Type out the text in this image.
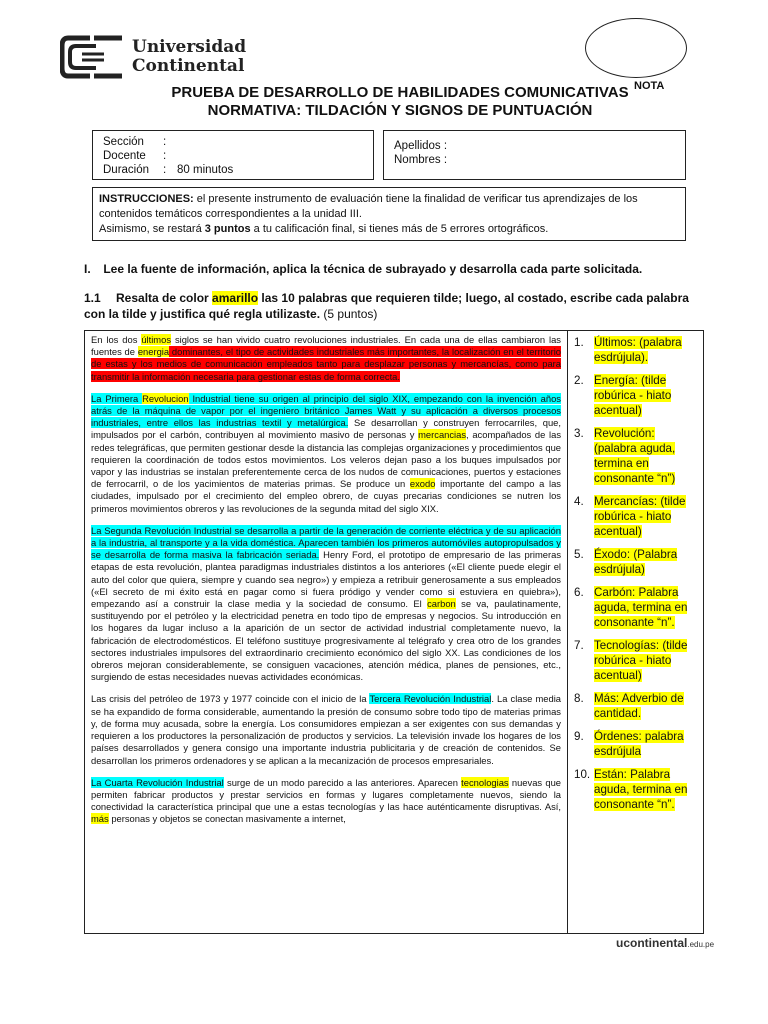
Universidad
Continental
NOTA
PRUEBA DE DESARROLLO DE HABILIDADES COMUNICATIVAS
NORMATIVA: TILDACIÓN Y SIGNOS DE PUNTUACIÓN
Sección	:
Docente	:
Duración	: 80 minutos
Apellidos :
Nombres :
INSTRUCCIONES: el presente instrumento de evaluación tiene la finalidad de verificar tus aprendizajes de los contenidos temáticos correspondientes a la unidad III.
Asimismo, se restará 3 puntos a tu calificación final, si tienes más de 5 errores ortográficos.
I. Lee la fuente de información, aplica la técnica de subrayado y desarrolla cada parte solicitada.
1.1 Resalta de color amarillo las 10 palabras que requieren tilde; luego, al costado, escribe cada palabra con la tilde y justifica qué regla utilizaste. (5 puntos)

En los dos últimos siglos se han vivido cuatro revoluciones industriales. En cada una de ellas cambiaron las fuentes de energia dominantes, el tipo de actividades industriales más importantes, la localización en el territorio de estas y los medios de comunicación empleados tanto para desplazar personas y mercancías, como para transmitir la información necesaria para gestionar estas de forma correcta.

La Primera Revolucion Industrial tiene su origen al principio del siglo XIX, empezando con la invención años atrás de la máquina de vapor por el ingeniero británico James Watt y su aplicación a diversos procesos industriales, entre ellos las industrias textil y metalúrgica. Se desarrollan y construyen ferrocarriles, que, impulsados por el carbón, contribuyen al movimiento masivo de personas y mercancias, acompañados de las redes telegráficas, que permiten gestionar desde la distancia las complejas organizaciones y procedimientos que requieren la coordinación de todos estos movimientos. Los veleros dejan paso a los buques impulsados por vapor y las industrias se instalan preferentemente cerca de los nudos de comunicaciones, puertos y estaciones de ferrocarril, o de los yacimientos de materias primas. Se produce un exodo importante del campo a las ciudades, impulsado por el crecimiento del empleo obrero, de cuyas precarias condiciones se nutren los primeros movimientos obreros y las revoluciones de la segunda mitad del siglo XIX.

La Segunda Revolución Industrial se desarrolla a partir de la generación de corriente eléctrica y de su aplicación a la industria, al transporte y a la vida doméstica. Aparecen también los primeros automóviles autopropulsados y se desarrolla de forma masiva la fabricación seriada. Henry Ford, el prototipo de empresario de las primeras etapas de esta revolución, plantea paradigmas industriales distintos a los anteriores («El cliente puede elegir el auto del color que quiera, siempre y cuando sea negro») y empieza a retribuir generosamente a sus empleados («El secreto de mi éxito está en pagar como si fuera pródigo y vender como si estuviera en quiebra»), empezando así a construir la clase media y la sociedad de consumo. El carbon se va, paulatinamente, sustituyendo por el petróleo y la electricidad penetra en todo tipo de empresas y negocios. Su introducción en los hogares da lugar incluso a la aparición de un sector de actividad industrial completamente nuevo, la fabricación de electrodomésticos. El teléfono sustituye progresivamente al telégrafo y crea otro de los grandes sectores industriales impulsores del extraordinario crecimiento económico del siglo XX. Las condiciones de los obreros mejoran considerablemente, se consiguen vacaciones, atención médica, planes de pensiones, etc., surgiendo de estas necesidades nuevas actividades económicas.

Las crisis del petróleo de 1973 y 1977 coincide con el inicio de la Tercera Revolución Industrial. La clase media se ha expandido de forma considerable, aumentando la presión de consumo sobre todo tipo de materias primas y, de forma muy acusada, sobre la energía. Los consumidores empiezan a ser exigentes con sus demandas y requieren a los productores la personalización de productos y servicios. La televisión invade los hogares de los países desarrollados y genera consigo una importante industria publicitaria y de creación de contenidos. Se desarrollan los primeros ordenadores y se aplican a la mecanización de procesos empresariales.

La Cuarta Revolución Industrial surge de un modo parecido a las anteriores. Aparecen tecnologias nuevas que permiten fabricar productos y prestar servicios en formas y lugares completamente nuevos, siendo la conectividad la característica principal que une a estas tecnologías y las hace auténticamente disruptivas. Así, más personas y objetos se conectan masivamente a internet,

1. Últimos: (palabra esdrújula).
2. Energía: (tilde robúrica - hiato acentual)
3. Revolución: (palabra aguda, termina en consonante “n”)
4. Mercancías: (tilde robúrica - hiato acentual)
5. Éxodo: (Palabra esdrújula)
6. Carbón: Palabra aguda, termina en consonante “n”.
7. Tecnologías: (tilde robúrica - hiato acentual)
8. Más: Adverbio de cantidad.
9. Órdenes: palabra esdrújula
10. Están: Palabra aguda, termina en consonante “n”.
ucontinental.edu.pe
